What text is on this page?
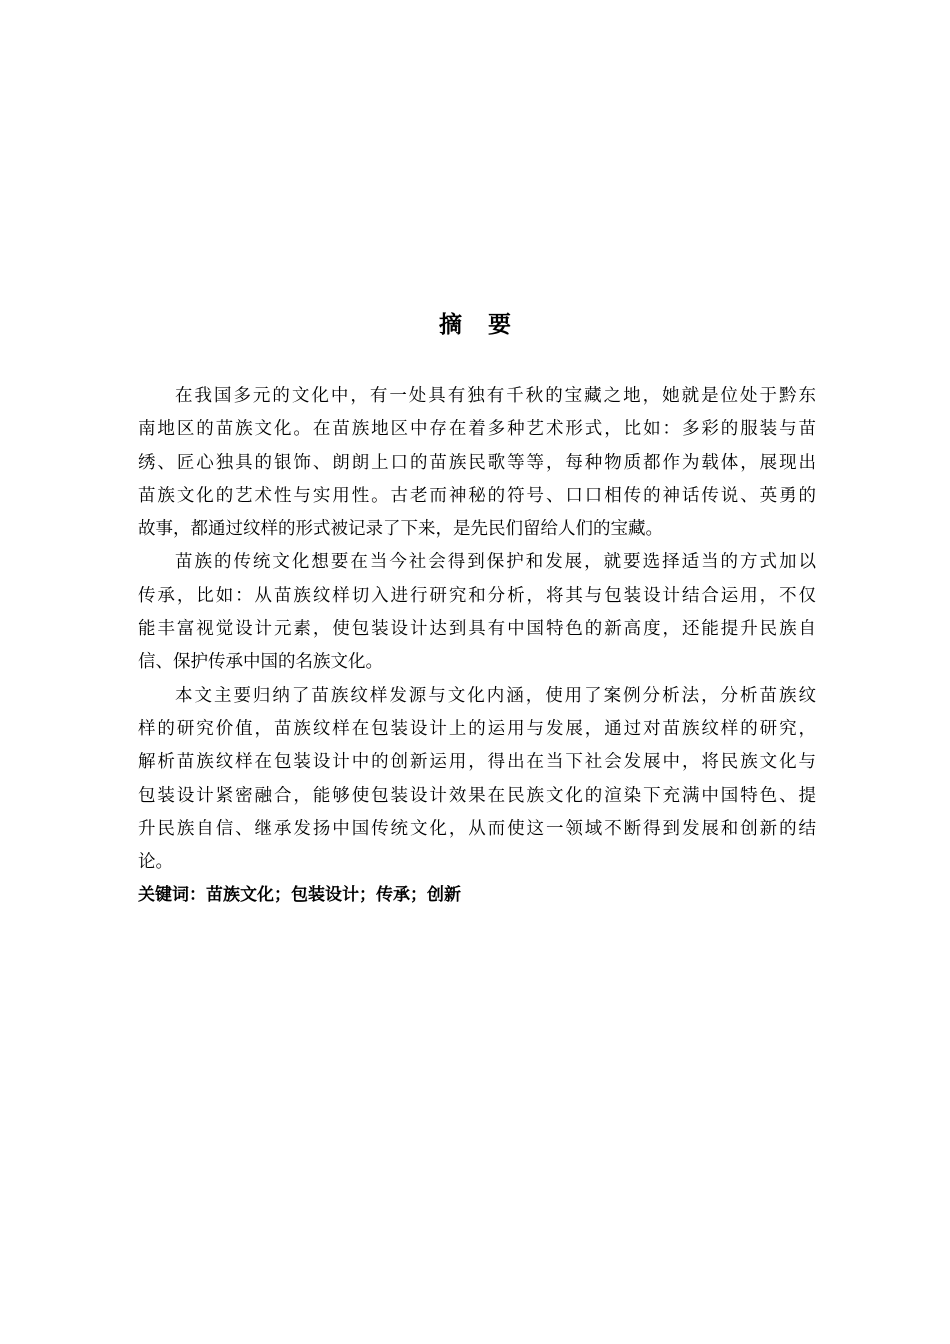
摘 要
在我国多元的文化中，有一处具有独有千秋的宝藏之地，她就是位处于黔东
南地区的苗族文化。在苗族地区中存在着多种艺术形式，比如：多彩的服装与苗
绣、匠心独具的银饰、朗朗上口的苗族民歌等等，每种物质都作为载体，展现出
苗族文化的艺术性与实用性。古老而神秘的符号、口口相传的神话传说、英勇的
故事，都通过纹样的形式被记录了下来，是先民们留给人们的宝藏。
苗族的传统文化想要在当今社会得到保护和发展，就要选择适当的方式加以
传承，比如：从苗族纹样切入进行研究和分析，将其与包装设计结合运用，不仅
能丰富视觉设计元素，使包装设计达到具有中国特色的新高度，还能提升民族自
信、保护传承中国的名族文化。
本文主要归纳了苗族纹样发源与文化内涵，使用了案例分析法，分析苗族纹
样的研究价值，苗族纹样在包装设计上的运用与发展，通过对苗族纹样的研究，
解析苗族纹样在包装设计中的创新运用，得出在当下社会发展中，将民族文化与
包装设计紧密融合，能够使包装设计效果在民族文化的渲染下充满中国特色、提
升民族自信、继承发扬中国传统文化，从而使这一领域不断得到发展和创新的结
论。
关键词：苗族文化；包装设计；传承；创新
